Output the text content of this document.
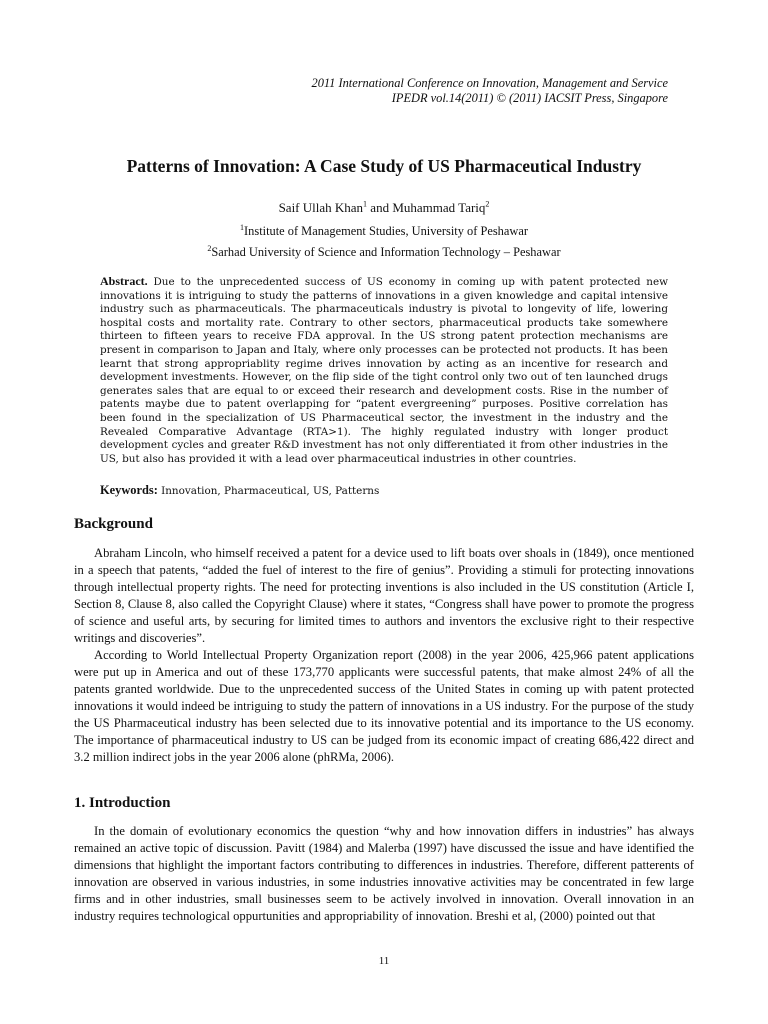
2011 International Conference on Innovation, Management and Service
IPEDR vol.14(2011) © (2011) IACSIT Press, Singapore
Patterns of Innovation: A Case Study of US Pharmaceutical Industry
Saif Ullah Khan$^1$ and Muhammad Tariq$^2$
$^1$Institute of Management Studies, University of Peshawar
$^2$Sarhad University of Science and Information Technology – Peshawar
Abstract. Due to the unprecedented success of US economy in coming up with patent protected new innovations it is intriguing to study the patterns of innovations in a given knowledge and capital intensive industry such as pharmaceuticals. The pharmaceuticals industry is pivotal to longevity of life, lowering hospital costs and mortality rate. Contrary to other sectors, pharmaceutical products take somewhere thirteen to fifteen years to receive FDA approval. In the US strong patent protection mechanisms are present in comparison to Japan and Italy, where only processes can be protected not products. It has been learnt that strong appropriablity regime drives innovation by acting as an incentive for research and development investments. However, on the flip side of the tight control only two out of ten launched drugs generates sales that are equal to or exceed their research and development costs. Rise in the number of patents maybe due to patent overlapping for “patent evergreening” purposes. Positive correlation has been found in the specialization of US Pharmaceutical sector, the investment in the industry and the Revealed Comparative Advantage (RTA>1). The highly regulated industry with longer product development cycles and greater R&D investment has not only differentiated it from other industries in the US, but also has provided it with a lead over pharmaceutical industries in other countries.
Keywords: Innovation, Pharmaceutical, US, Patterns
Background
Abraham Lincoln, who himself received a patent for a device used to lift boats over shoals in (1849), once mentioned in a speech that patents, “added the fuel of interest to the fire of genius”. Providing a stimuli for protecting innovations through intellectual property rights. The need for protecting inventions is also included in the US constitution (Article I, Section 8, Clause 8, also called the Copyright Clause) where it states, “Congress shall have power to promote the progress of science and useful arts, by securing for limited times to authors and inventors the exclusive right to their respective writings and discoveries”.
According to World Intellectual Property Organization report (2008) in the year 2006, 425,966 patent applications were put up in America and out of these 173,770 applicants were successful patents, that make almost 24% of all the patents granted worldwide. Due to the unprecedented success of the United States in coming up with patent protected innovations it would indeed be intriguing to study the pattern of innovations in a US industry. For the purpose of the study the US Pharmaceutical industry has been selected due to its innovative potential and its importance to the US economy. The importance of pharmaceutical industry to US can be judged from its economic impact of creating 686,422 direct and 3.2 million indirect jobs in the year 2006 alone (phRMa, 2006).
1. Introduction
In the domain of evolutionary economics the question “why and how innovation differs in industries” has always remained an active topic of discussion. Pavitt (1984) and Malerba (1997) have discussed the issue and have identified the dimensions that highlight the important factors contributing to differences in industries. Therefore, different patterents of innovation are observed in various industries, in some industries innovative activities may be concentrated in few large firms and in other industries, small businesses seem to be actively involved in innovation. Overall innovation in an industry requires technological oppurtunities and appropriability of innovation. Breshi et al, (2000) pointed out that
11
